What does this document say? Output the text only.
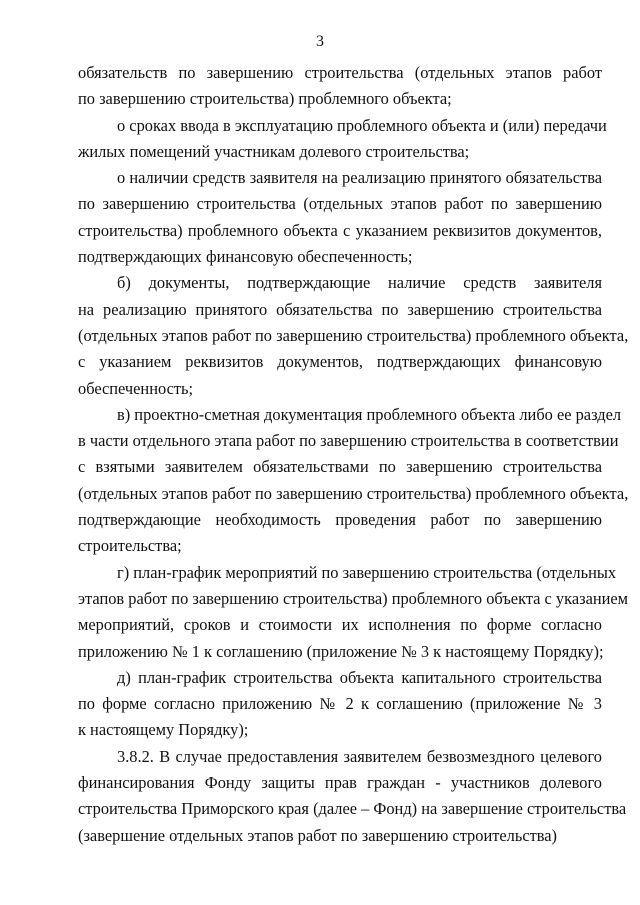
3
обязательств по завершению строительства (отдельных этапов работ
по завершению строительства) проблемного объекта;
о сроках ввода в эксплуатацию проблемного объекта и (или) передачи
жилых помещений участникам долевого строительства;
о наличии средств заявителя на реализацию принятого обязательства
по завершению строительства (отдельных этапов работ по завершению
строительства) проблемного объекта с указанием реквизитов документов,
подтверждающих финансовую обеспеченность;
б) документы, подтверждающие наличие средств заявителя
на реализацию принятого обязательства по завершению строительства
(отдельных этапов работ по завершению строительства) проблемного объекта,
с указанием реквизитов документов, подтверждающих финансовую
обеспеченность;
в) проектно-сметная документация проблемного объекта либо ее раздел
в части отдельного этапа работ по завершению строительства в соответствии
с взятыми заявителем обязательствами по завершению строительства
(отдельных этапов работ по завершению строительства) проблемного объекта,
подтверждающие необходимость проведения работ по завершению
строительства;
г) план-график мероприятий по завершению строительства (отдельных
этапов работ по завершению строительства) проблемного объекта с указанием
мероприятий, сроков и стоимости их исполнения по форме согласно
приложению № 1 к соглашению (приложение № 3 к настоящему Порядку);
д) план-график строительства объекта капитального строительства
по форме согласно приложению № 2 к соглашению (приложение № 3
к настоящему Порядку);
3.8.2. В случае предоставления заявителем безвозмездного целевого
финансирования Фонду защиты прав граждан - участников долевого
строительства Приморского края (далее – Фонд) на завершение строительства
(завершение отдельных этапов работ по завершению строительства)
